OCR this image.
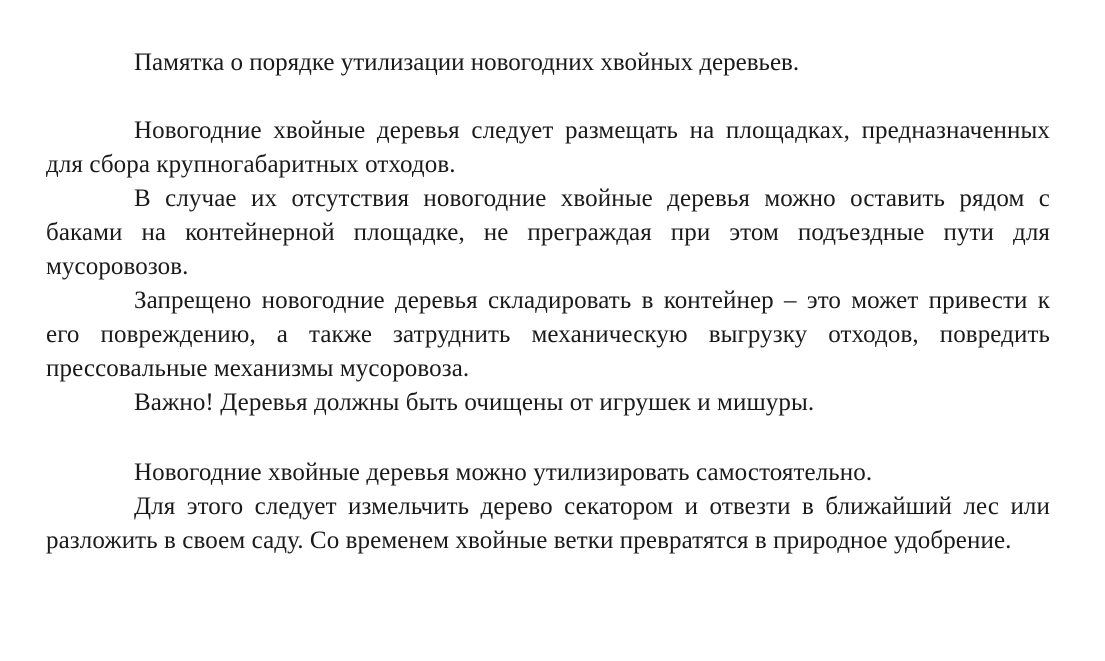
Памятка о порядке утилизации новогодних хвойных деревьев.

Новогодние хвойные деревья следует размещать на площадках, предназначенных для сбора крупногабаритных отходов.

В случае их отсутствия новогодние хвойные деревья можно оставить рядом с баками на контейнерной площадке, не преграждая при этом подъездные пути для мусоровозов.

Запрещено новогодние деревья складировать в контейнер – это может привести к его повреждению, а также затруднить механическую выгрузку отходов, повредить прессовальные механизмы мусоровоза.

Важно! Деревья должны быть очищены от игрушек и мишуры.

Новогодние хвойные деревья можно утилизировать самостоятельно.

Для этого следует измельчить дерево секатором и отвезти в ближайший лес или разложить в своем саду. Со временем хвойные ветки превратятся в природное удобрение.
